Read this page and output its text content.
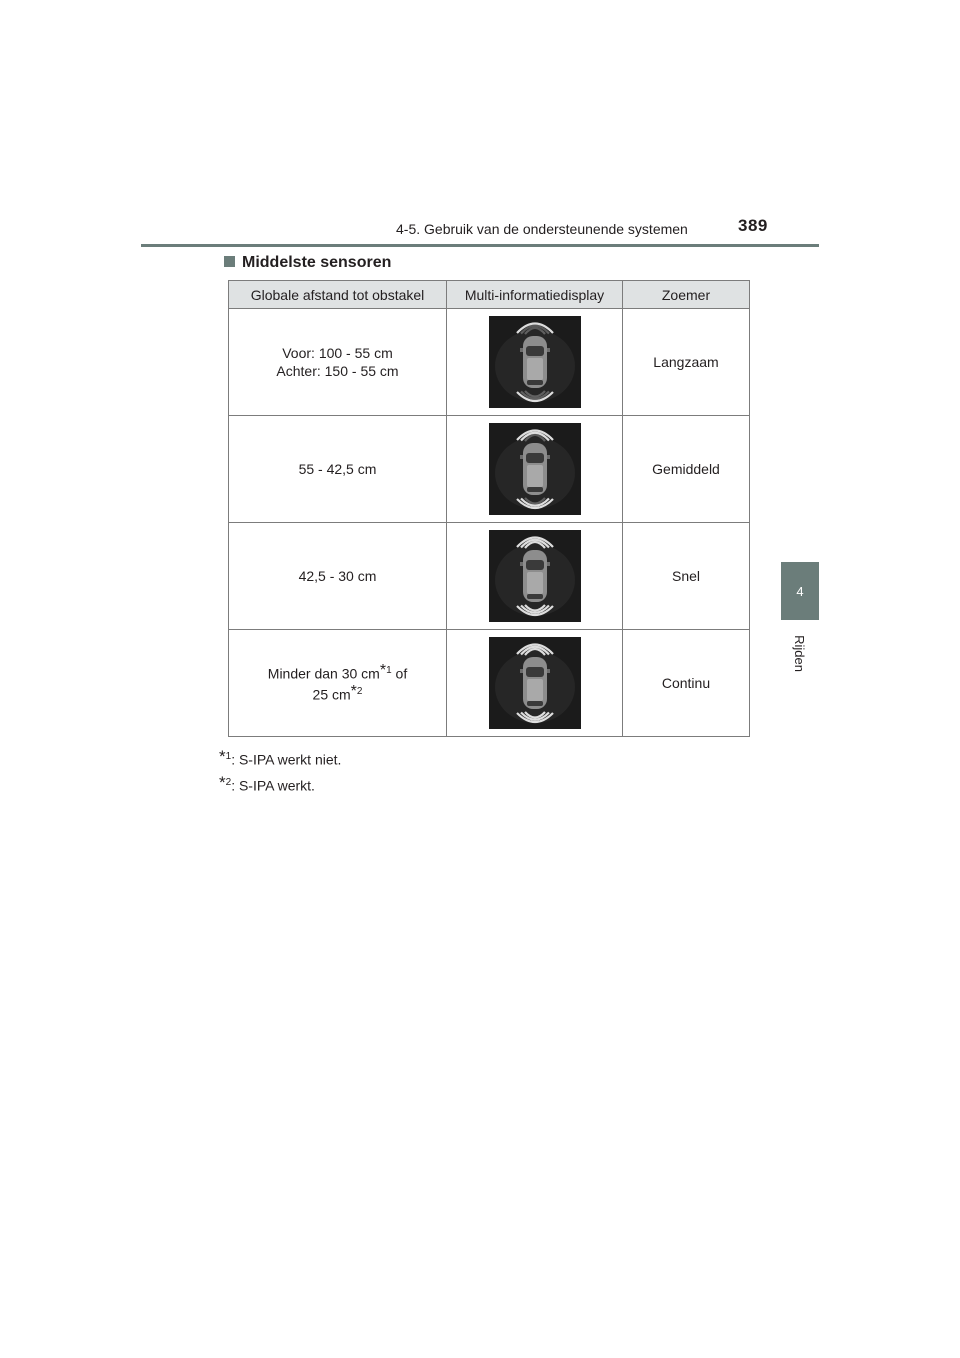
4-5. Gebruik van de ondersteunende systemen	389
4
Rijden
Middelste sensoren
Globale afstand tot obstakel	Multi-informatiedisplay	Zoemer

Voor: 100 - 55 cm
Achter: 150 - 55 cm		Langzaam
55 - 42,5 cm		Gemiddeld
42,5 - 30 cm		Snel

Minder dan 30 $cm^{*1}$ of
25 $cm^{*2}$		Continu
$^{*1}$: S-IPA werkt niet.
$^{*2}$: S-IPA werkt.
